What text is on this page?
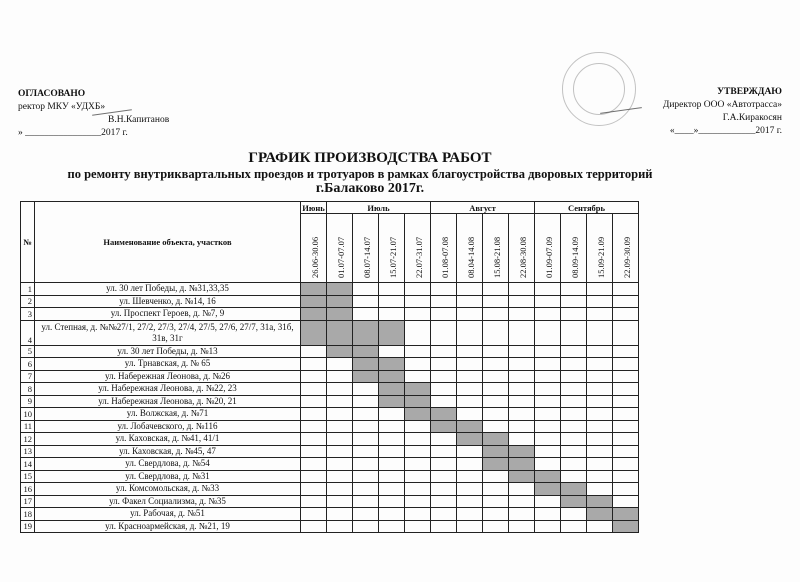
ОГЛАСОВАНО
ректор МКУ «УДХБ»
В.Н.Капитанов
» ________________2017 г.
УТВЕРЖДАЮ
Директор ООО «Автотрасса»
Г.А.Киракосян
«____»____________2017 г.
ГРАФИК ПРОИЗВОДСТВА РАБОТ
по ремонту внутриквартальных проездов и тротуаров в рамках благоустройства дворовых территорий
г.Балаково 2017г.
№	Наименование объекта, участков	Июнь	Июль				Август				Сентябрь			

		26.06-30.06	01.07-07.07	08.07-14.07	15.07-21.07	22.07-31.07	01.08-07.08	08.04-14.08	15.08-21.08	22.08-30.08	01.09-07.09	08.09-14.09	15.09-21.09	22.09-30.09

1	ул. 30 лет Победы, д. №31,33,35													
2	ул. Шевченко, д. №14, 16													
3	ул. Проспект Героев, д. №7, 9													
4	ул. Степная, д. №№27/1, 27/2, 27/3, 27/4, 27/5, 27/6, 27/7, 31а, 31б, 31в, 31г													
5	ул. 30 лет Победы, д. №13													
6	ул. Трнавская, д. № 65													
7	ул. Набережная Леонова, д. №26													
8	ул. Набережная Леонова, д. №22, 23													
9	ул. Набережная Леонова, д. №20, 21													
10	ул. Волжская, д. №71													
11	ул. Лобачевского, д. №116													
12	ул. Каховская, д. №41, 41/1													
13	ул. Каховская, д. №45, 47													
14	ул. Свердлова, д. №54													
15	ул. Свердлова, д. №31													
16	ул. Комсомольская, д. №33													
17	ул. Факел Социализма, д. №35													
18	ул. Рабочая, д. №51													
19	ул. Красноармейская, д. №21, 19													
